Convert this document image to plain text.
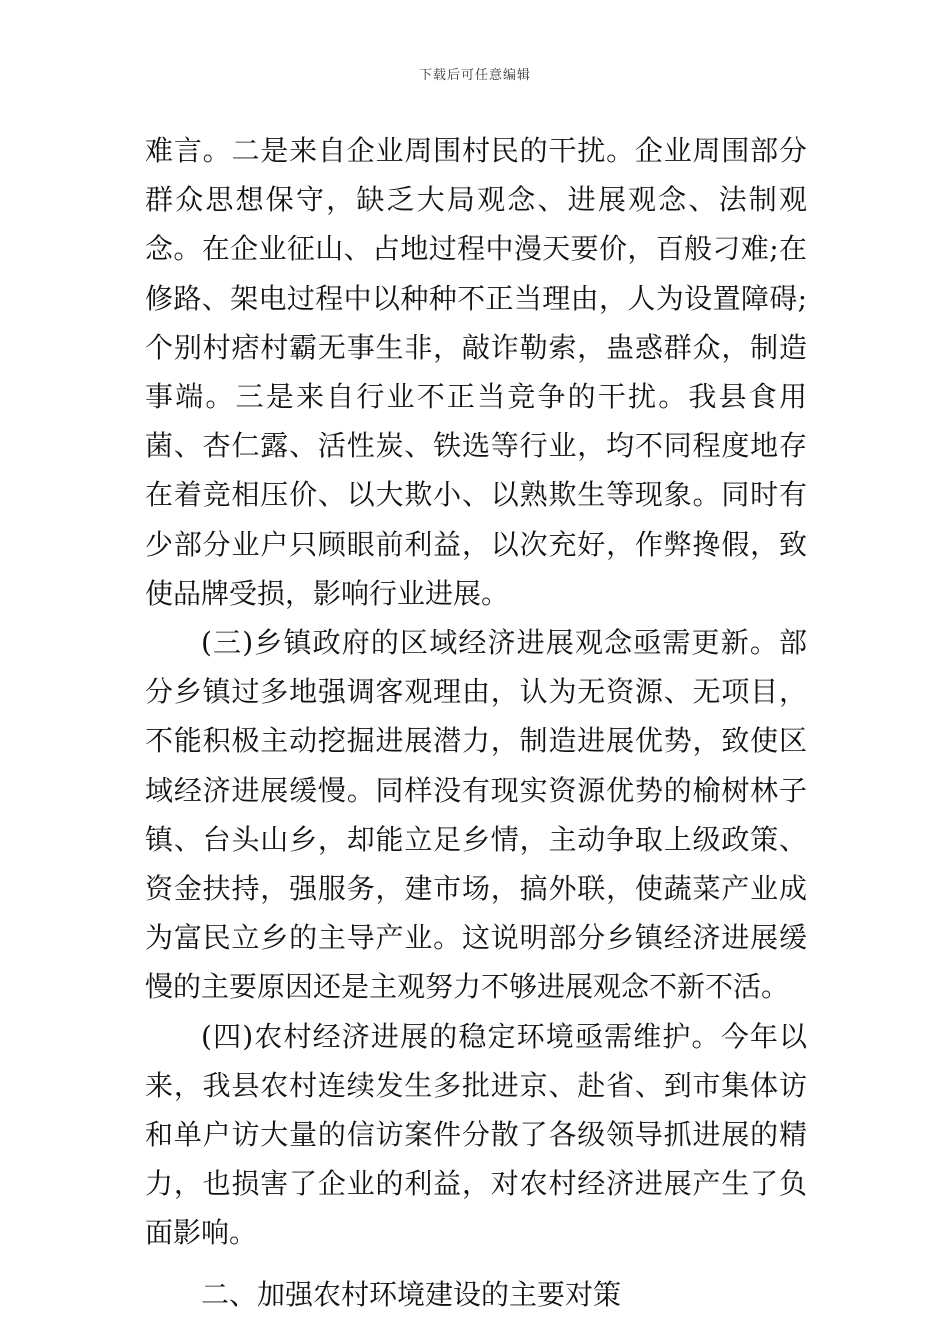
下载后可任意编辑

难言。二是来自企业周围村民的干扰。企业周围部分群众思想保守，缺乏大局观念、进展观念、法制观念。在企业征山、占地过程中漫天要价，百般刁难;在修路、架电过程中以种种不正当理由，人为设置障碍;个别村痞村霸无事生非，敲诈勒索，蛊惑群众，制造事端。三是来自行业不正当竞争的干扰。我县食用菌、杏仁露、活性炭、铁选等行业，均不同程度地存在着竞相压价、以大欺小、以熟欺生等现象。同时有少部分业户只顾眼前利益，以次充好，作弊搀假，致使品牌受损，影响行业进展。

(三)乡镇政府的区域经济进展观念亟需更新。部分乡镇过多地强调客观理由，认为无资源、无项目，不能积极主动挖掘进展潜力，制造进展优势，致使区域经济进展缓慢。同样没有现实资源优势的榆树林子镇、台头山乡，却能立足乡情，主动争取上级政策、资金扶持，强服务，建市场，搞外联，使蔬菜产业成为富民立乡的主导产业。这说明部分乡镇经济进展缓慢的主要原因还是主观努力不够进展观念不新不活。

(四)农村经济进展的稳定环境亟需维护。今年以来，我县农村连续发生多批进京、赴省、到市集体访和单户访大量的信访案件分散了各级领导抓进展的精力，也损害了企业的利益，对农村经济进展产生了负面影响。

二、加强农村环境建设的主要对策
